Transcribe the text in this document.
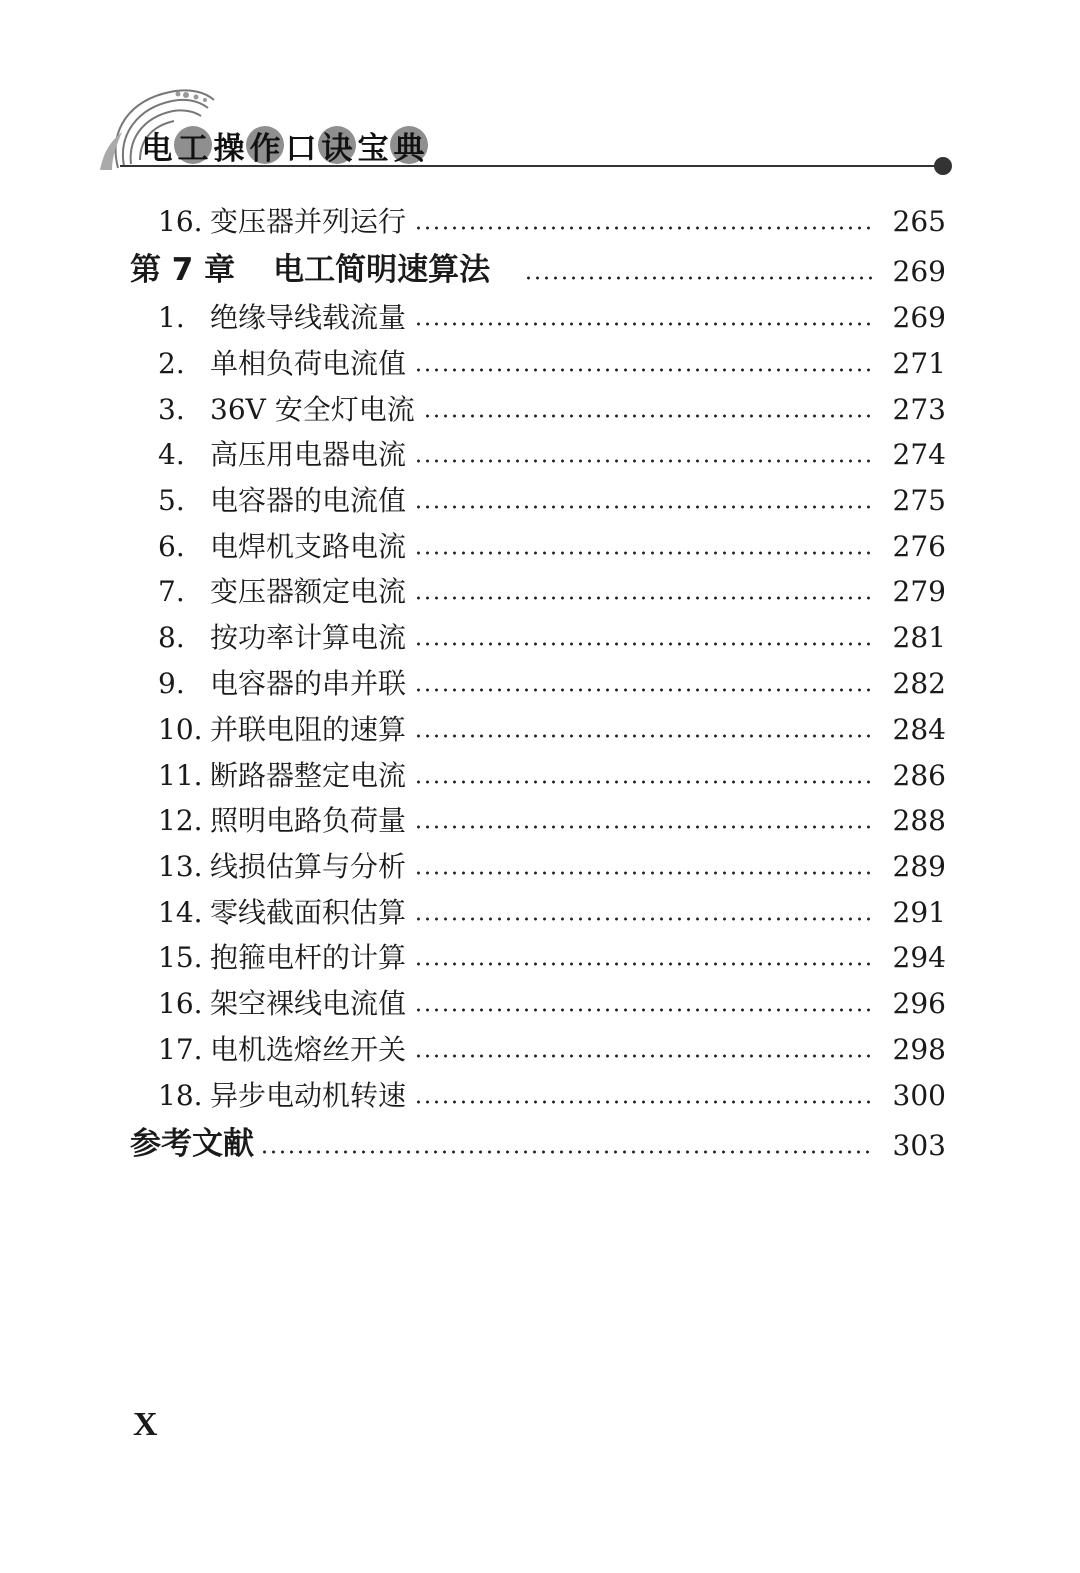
电 工 操 作 口 诀 宝 典
16. 变压器并列运行	265
第 7 章 电工简明速算法	269
1. 绝缘导线载流量	269
2. 单相负荷电流值	271
3. 36V 安全灯电流	273
4. 高压用电器电流	274
5. 电容器的电流值	275
6. 电焊机支路电流	276
7. 变压器额定电流	279
8. 按功率计算电流	281
9. 电容器的串并联	282
10. 并联电阻的速算	284
11. 断路器整定电流	286
12. 照明电路负荷量	288
13. 线损估算与分析	289
14. 零线截面积估算	291
15. 抱箍电杆的计算	294
16. 架空裸线电流值	296
17. 电机选熔丝开关	298
18. 异步电动机转速	300
参考文献	303
X
